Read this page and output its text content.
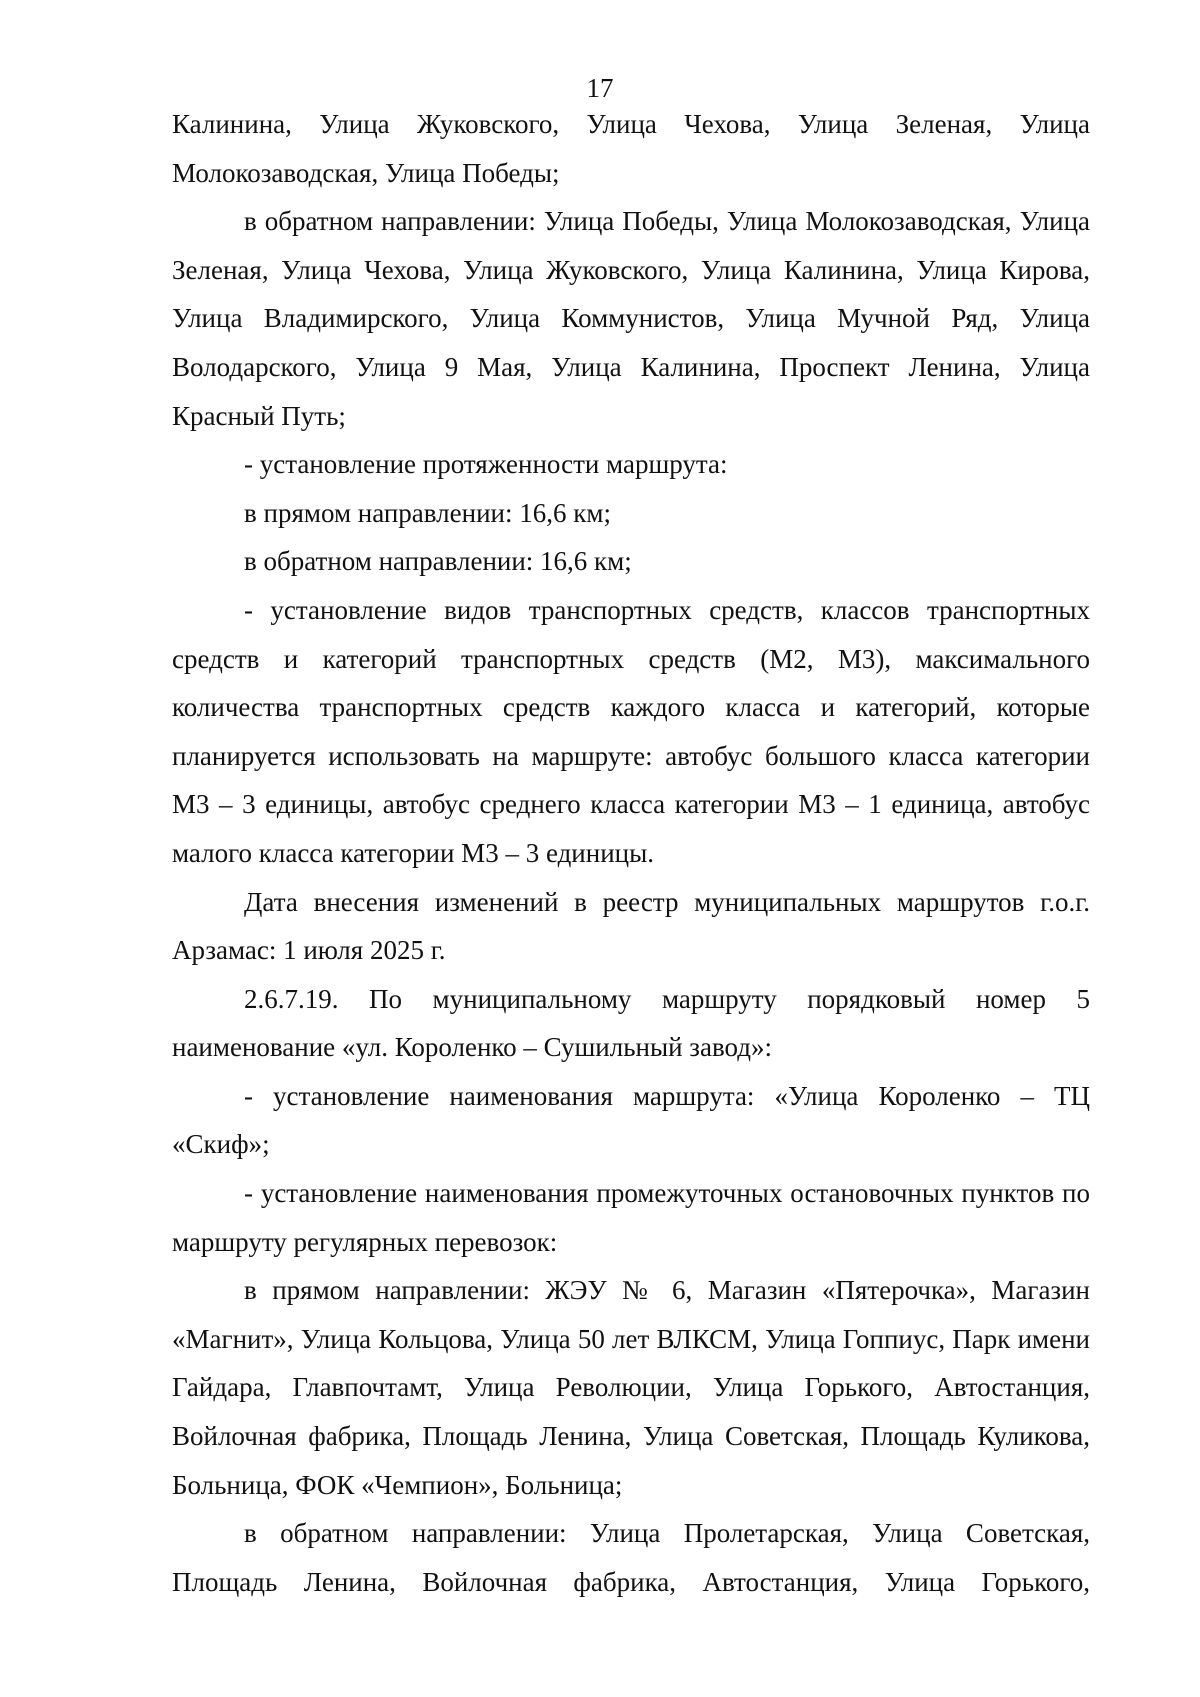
17

Калинина, Улица Жуковского, Улица Чехова, Улица Зеленая, Улица Молокозаводская, Улица Победы;

в обратном направлении: Улица Победы, Улица Молокозаводская, Улица Зеленая, Улица Чехова, Улица Жуковского, Улица Калинина, Улица Кирова, Улица Владимирского, Улица Коммунистов, Улица Мучной Ряд, Улица Володарского, Улица 9 Мая, Улица Калинина, Проспект Ленина, Улица Красный Путь;

- установление протяженности маршрута:

в прямом направлении: 16,6 км;

в обратном направлении: 16,6 км;

- установление видов транспортных средств, классов транспортных средств и категорий транспортных средств (М2, М3), максимального количества транспортных средств каждого класса и категорий, которые планируется использовать на маршруте: автобус большого класса категории М3 – 3 единицы, автобус среднего класса категории М3 – 1 единица, автобус малого класса категории М3 – 3 единицы.

Дата внесения изменений в реестр муниципальных маршрутов г.о.г. Арзамас: 1 июля 2025 г.

2.6.7.19. По муниципальному маршруту порядковый номер 5 наименование «ул. Короленко – Сушильный завод»:

- установление наименования маршрута: «Улица Короленко – ТЦ «Скиф»;

- установление наименования промежуточных остановочных пунктов по маршруту регулярных перевозок:

в прямом направлении: ЖЭУ № 6, Магазин «Пятерочка», Магазин «Магнит», Улица Кольцова, Улица 50 лет ВЛКСМ, Улица Гоппиус, Парк имени Гайдара, Главпочтамт, Улица Революции, Улица Горького, Автостанция, Войлочная фабрика, Площадь Ленина, Улица Советская, Площадь Куликова, Больница, ФОК «Чемпион», Больница;

в обратном направлении: Улица Пролетарская, Улица Советская, Площадь Ленина, Войлочная фабрика, Автостанция, Улица Горького,
